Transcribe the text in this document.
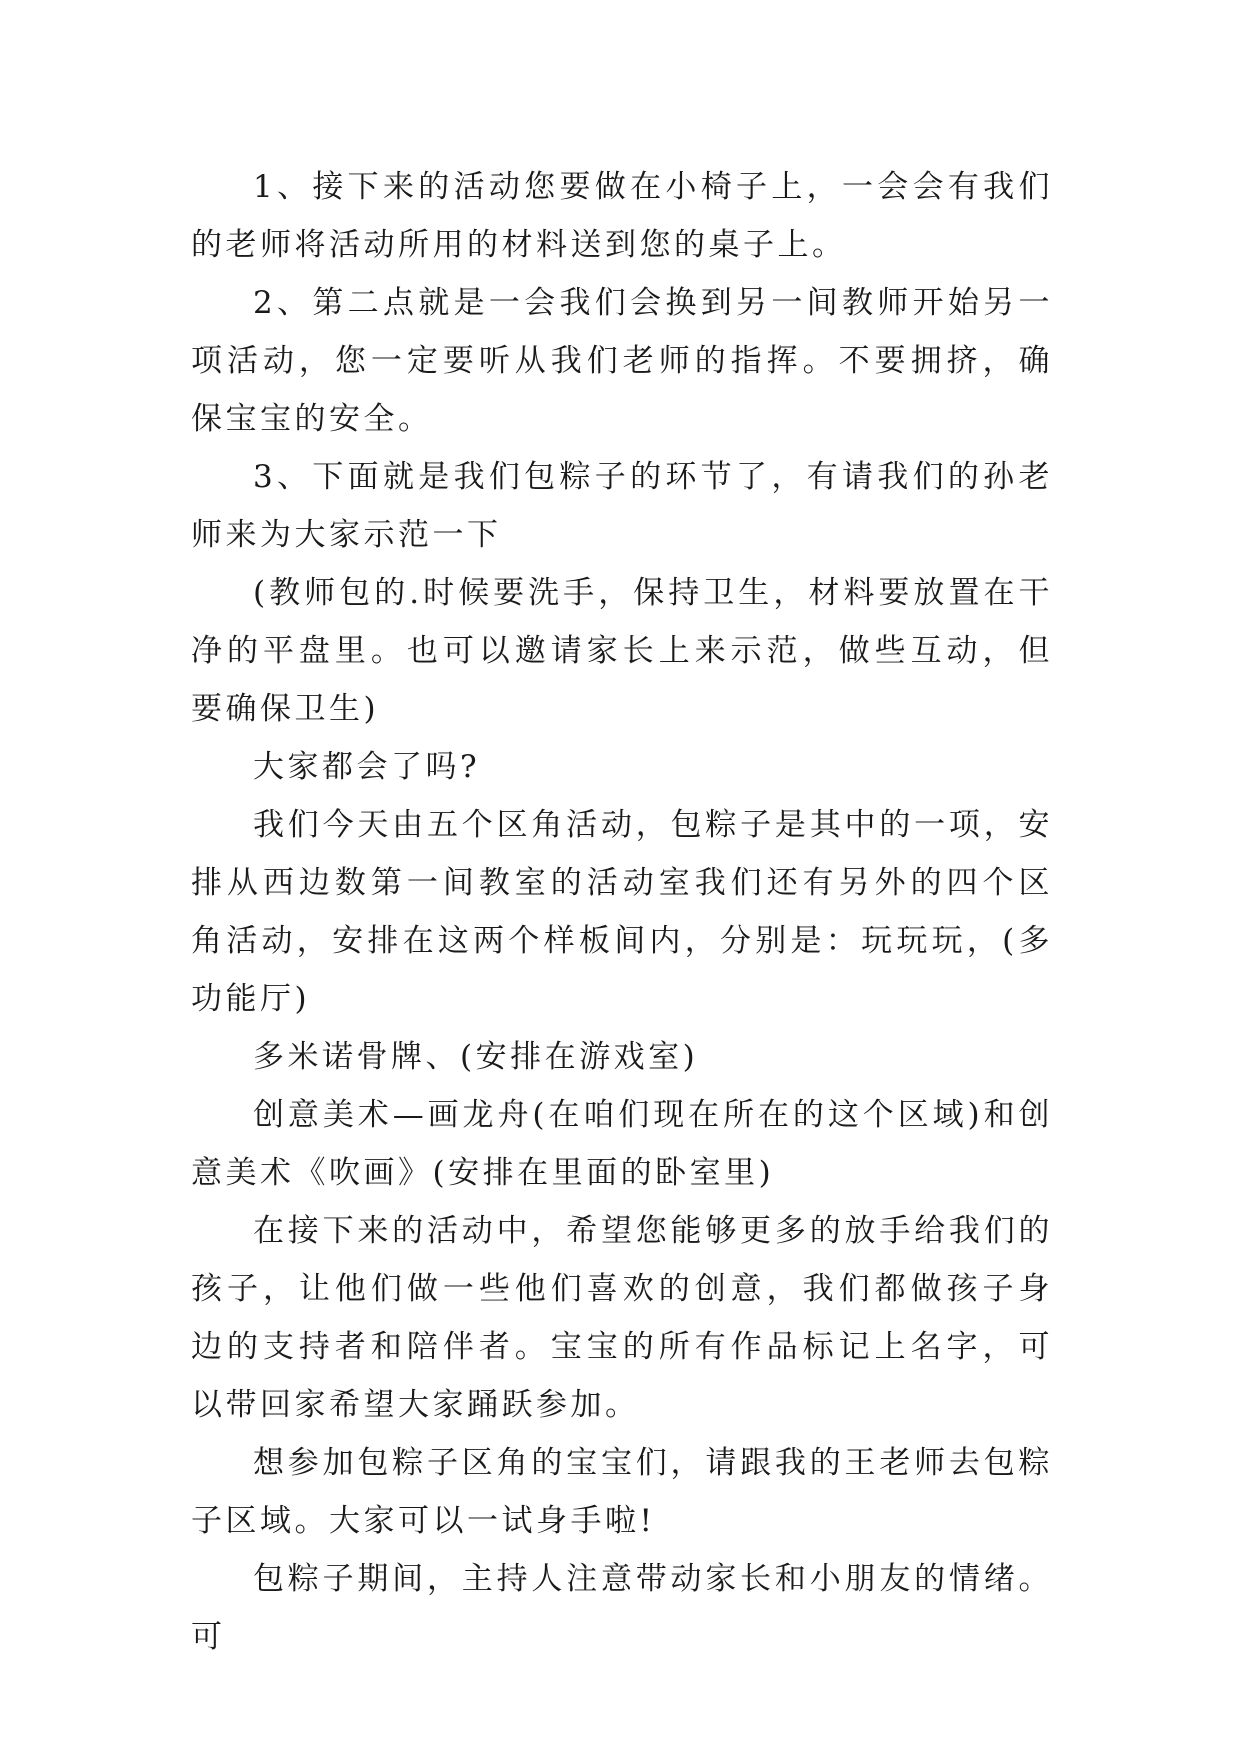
1、接下来的活动您要做在小椅子上，一会会有我们的老师将活动所用的材料送到您的桌子上。

2、第二点就是一会我们会换到另一间教师开始另一项活动，您一定要听从我们老师的指挥。不要拥挤，确保宝宝的安全。

3、下面就是我们包粽子的环节了，有请我们的孙老师来为大家示范一下

(教师包的.时候要洗手，保持卫生，材料要放置在干净的平盘里。也可以邀请家长上来示范，做些互动，但要确保卫生)

大家都会了吗?

我们今天由五个区角活动，包粽子是其中的一项，安排从西边数第一间教室的活动室我们还有另外的四个区角活动，安排在这两个样板间内，分别是：玩玩玩，(多功能厅)

多米诺骨牌、(安排在游戏室)

创意美术—画龙舟(在咱们现在所在的这个区域)和创意美术《吹画》(安排在里面的卧室里)

在接下来的活动中，希望您能够更多的放手给我们的孩子，让他们做一些他们喜欢的创意，我们都做孩子身边的支持者和陪伴者。宝宝的所有作品标记上名字，可以带回家希望大家踊跃参加。

想参加包粽子区角的宝宝们，请跟我的王老师去包粽子区域。大家可以一试身手啦!

包粽子期间，主持人注意带动家长和小朋友的情绪。可
